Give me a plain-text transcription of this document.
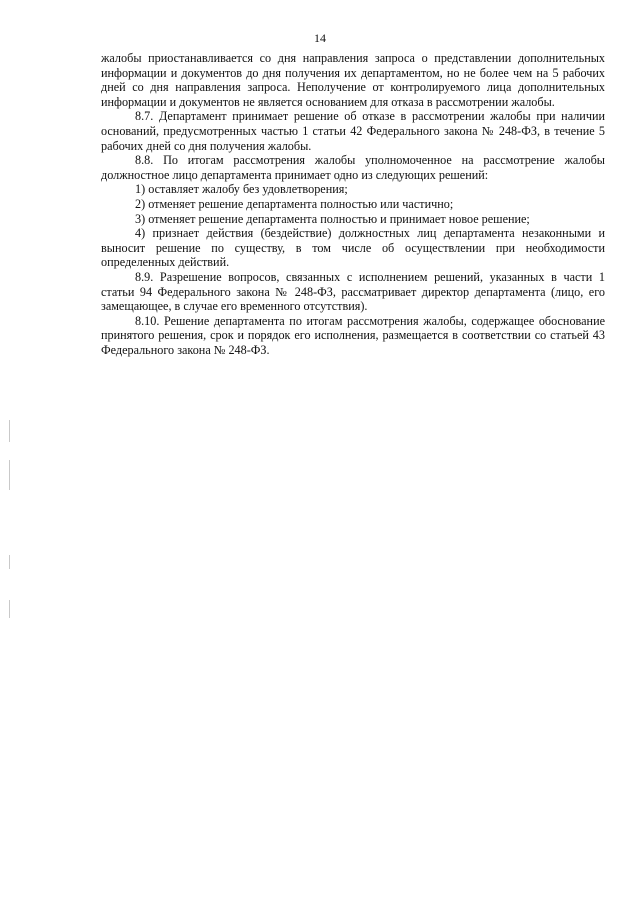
14

жалобы приостанавливается со дня направления запроса о представлении дополнительных информации и документов до дня получения их департаментом, но не более чем на 5 рабочих дней со дня направления запроса. Неполучение от контролируемого лица дополнительных информации и документов не является основанием для отказа в рассмотрении жалобы.

8.7. Департамент принимает решение об отказе в рассмотрении жалобы при наличии оснований, предусмотренных частью 1 статьи 42 Федерального закона № 248-ФЗ, в течение 5 рабочих дней со дня получения жалобы.

8.8. По итогам рассмотрения жалобы уполномоченное на рассмотрение жалобы должностное лицо департамента принимает одно из следующих решений:

1) оставляет жалобу без удовлетворения;

2) отменяет решение департамента полностью или частично;

3) отменяет решение департамента полностью и принимает новое решение;

4) признает действия (бездействие) должностных лиц департамента незаконными и выносит решение по существу, в том числе об осуществлении при необходимости определенных действий.

8.9. Разрешение вопросов, связанных с исполнением решений, указанных в части 1 статьи 94 Федерального закона № 248-ФЗ, рассматривает директор департамента (лицо, его замещающее, в случае его временного отсутствия).

8.10. Решение департамента по итогам рассмотрения жалобы, содержащее обоснование принятого решения, срок и порядок его исполнения, размещается в соответствии со статьей 43 Федерального закона № 248-ФЗ.
